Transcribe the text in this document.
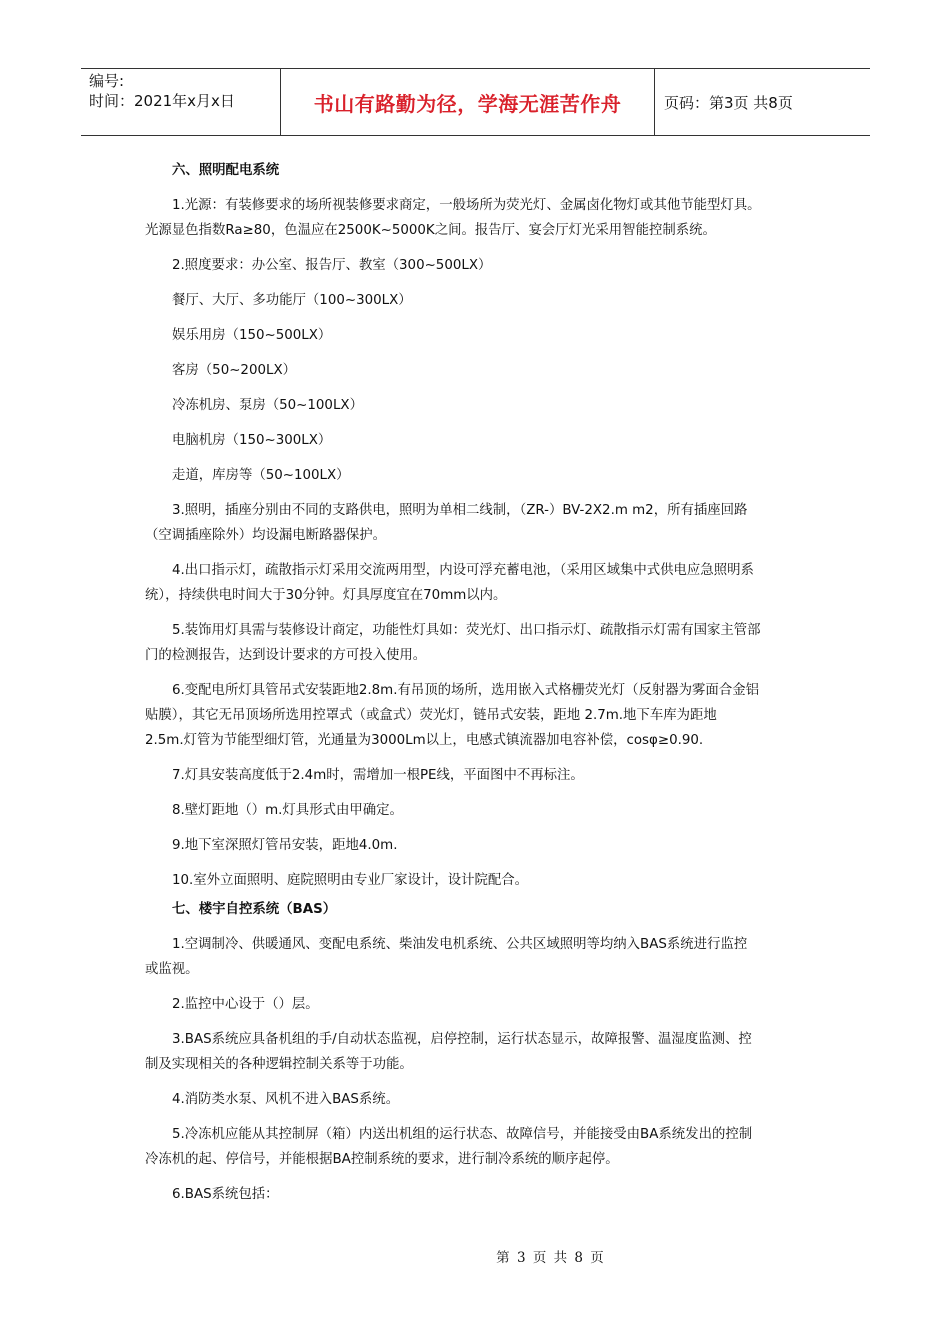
编号:
时间：2021年x月x日	书山有路勤为径，学海无涯苦作舟	页码：第3页 共8页

六、照明配电系统

1.光源：有装修要求的场所视装修要求商定，一般场所为荧光灯、金属卤化物灯或其他节能型灯具。

光源显色指数Ra≥80，色温应在2500K~5000K之间。报告厅、宴会厅灯光采用智能控制系统。

2.照度要求：办公室、报告厅、教室（300~500LX）

餐厅、大厅、多功能厅（100~300LX）

娱乐用房（150~500LX）

客房（50~200LX）

冷冻机房、泵房（50~100LX）

电脑机房（150~300LX）

走道，库房等（50~100LX）

3.照明，插座分别由不同的支路供电，照明为单相二线制，（ZR-）BV-2X2.m m2，所有插座回路

（空调插座除外）均设漏电断路器保护。

4.出口指示灯，疏散指示灯采用交流两用型，内设可浮充蓄电池，（采用区域集中式供电应急照明系

统），持续供电时间大于30分钟。灯具厚度宜在70mm以内。

5.装饰用灯具需与装修设计商定，功能性灯具如：荧光灯、出口指示灯、疏散指示灯需有国家主管部

门的检测报告，达到设计要求的方可投入使用。

6.变配电所灯具管吊式安装距地2.8m.有吊顶的场所，选用嵌入式格栅荧光灯（反射器为雾面合金铝

贴膜），其它无吊顶场所选用控罩式（或盒式）荧光灯，链吊式安装，距地 2.7m.地下车库为距地

2.5m.灯管为节能型细灯管，光通量为3000Lm以上，电感式镇流器加电容补偿，cosφ≥0.90.

7.灯具安装高度低于2.4m时，需增加一根PE线，平面图中不再标注。

8.壁灯距地（）m.灯具形式由甲确定。

9.地下室深照灯管吊安装，距地4.0m.

10.室外立面照明、庭院照明由专业厂家设计，设计院配合。

七、楼宇自控系统（BAS）

1.空调制冷、供暖通风、变配电系统、柴油发电机系统、公共区域照明等均纳入BAS系统进行监控

或监视。

2.监控中心设于（）层。

3.BAS系统应具备机组的手/自动状态监视，启停控制，运行状态显示，故障报警、温湿度监测、控

制及实现相关的各种逻辑控制关系等于功能。

4.消防类水泵、风机不进入BAS系统。

5.冷冻机应能从其控制屏（箱）内送出机组的运行状态、故障信号，并能接受由BA系统发出的控制

冷冻机的起、停信号，并能根据BA控制系统的要求，进行制冷系统的顺序起停。

6.BAS系统包括：

第 3 页 共 8 页
